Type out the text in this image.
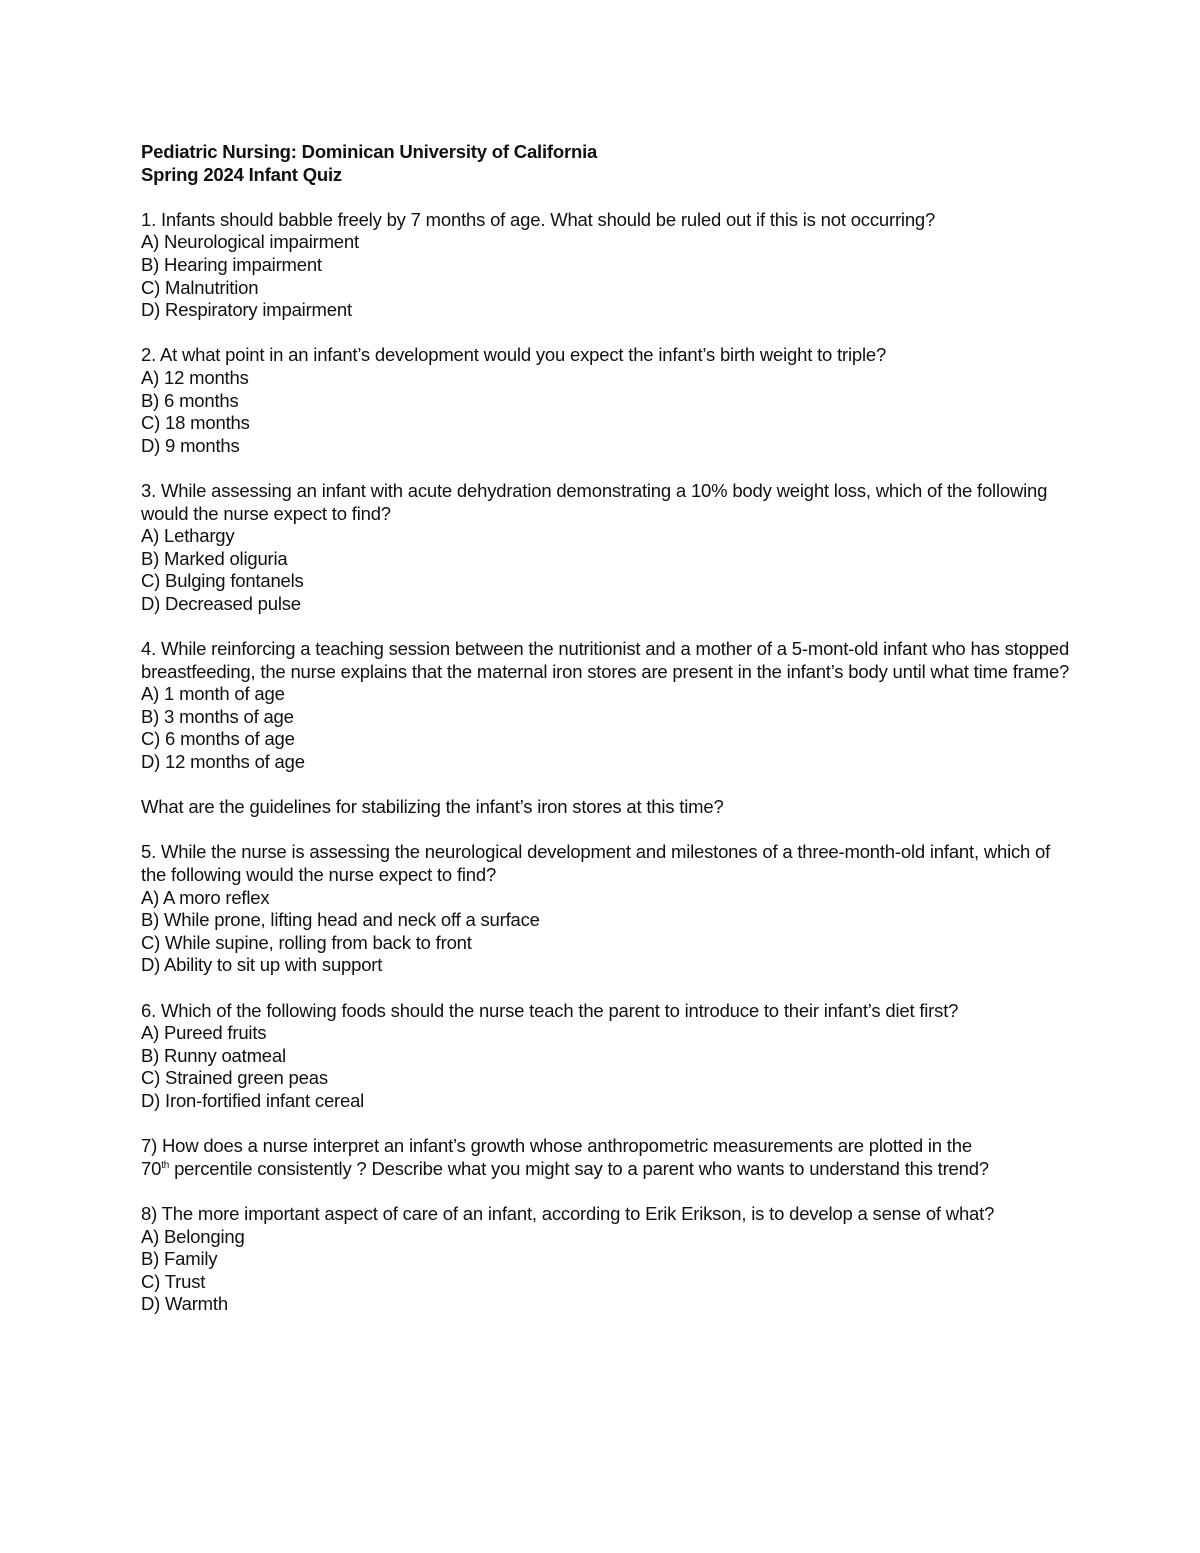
Pediatric Nursing: Dominican University of California
Spring 2024 Infant Quiz
1. Infants should babble freely by 7 months of age. What should be ruled out if this is not occurring?
A) Neurological impairment
B) Hearing impairment
C) Malnutrition
D) Respiratory impairment
2. At what point in an infant’s development would you expect the infant’s birth weight to triple?
A) 12 months
B) 6 months
C) 18 months
D) 9 months
3. While assessing an infant with acute dehydration demonstrating a 10% body weight loss, which of the following would the nurse expect to find?
A) Lethargy
B) Marked oliguria
C) Bulging fontanels
D) Decreased pulse
4. While reinforcing a teaching session between the nutritionist and a mother of a 5-mont-old infant who has stopped breastfeeding, the nurse explains that the maternal iron stores are present in the infant’s body until what time frame?
A) 1 month of age
B) 3 months of age
C) 6 months of age
D) 12 months of age
What are the guidelines for stabilizing the infant’s iron stores at this time?
5. While the nurse is assessing the neurological development and milestones of a three-month-old infant, which of the following would the nurse expect to find?
A) A moro reflex
B) While prone, lifting head and neck off a surface
C) While supine, rolling from back to front
D) Ability to sit up with support
6. Which of the following foods should the nurse teach the parent to introduce to their infant’s diet first?
A) Pureed fruits
B) Runny oatmeal
C) Strained green peas
D) Iron-fortified infant cereal
7) How does a nurse interpret an infant’s growth whose anthropometric measurements are plotted in the
70th percentile consistently ? Describe what you might say to a parent who wants to understand this trend?
8) The more important aspect of care of an infant, according to Erik Erikson, is to develop a sense of what?
A) Belonging
B) Family
C) Trust
D) Warmth
